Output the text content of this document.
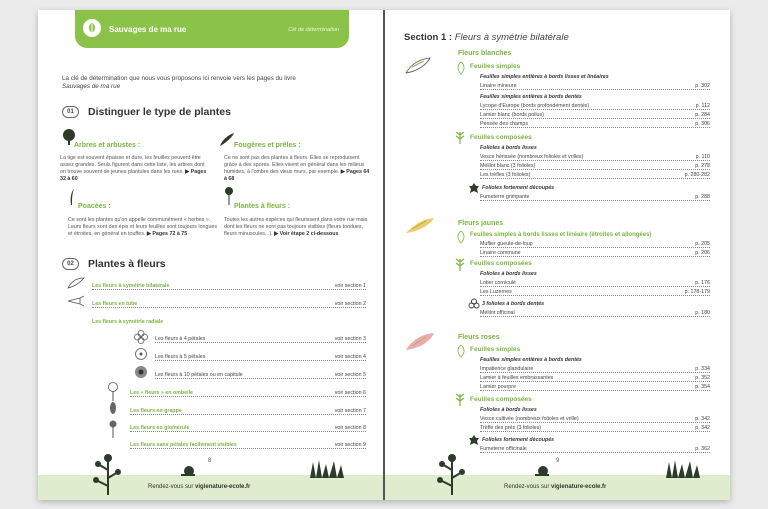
Sauvages de ma rue	Clé de détermination
La clé de détermination que nous vous proposons ici renvoie vers les pages du livre
Sauvages de ma rue
01	Distinguer le type de plantes
Arbres et arbustes :
La tige est souvent épaisse et dure, les feuilles peuvent être assez grandes. Seuls figurent dans cette liste, les arbres dont on trouve souvent de jeunes plantules dans les rues. ▶ Pages 32 à 60
Fougères et prêles :
Ce ne sont pas des plantes à fleurs. Elles se reproduisent grâce à des spores. Elles vivent en général dans les milieux humides, à l'ombre des vieux murs, par exemple. ▶ Pages 64 à 68
Poacées :
Ce sont les plantes qu'on appelle communément « herbes ». Leurs fleurs sont des épis et leurs feuilles sont toujours longues et étroites, en général en touffes. ▶ Pages 72 à 75
Plantes à fleurs :
Toutes les autres espèces qui fleurissent dans votre rue mais dont les fleurs ne sont pas toujours visibles (fleurs tondues, fleurs minuscules...). ▶ Voir étape 2 ci-dessous
02	Plantes à fleurs
Les fleurs à symétrie bilatérale	voir section 1
Les fleurs en tube	voir section 2
Les fleurs à symétrie radiale
Les fleurs à 4 pétales	voir section 3
Les fleurs à 5 pétales	voir section 4
Les fleurs à 10 pétales ou en capitule	voir section 5
Les « fleurs » en ombelle	voir section 6
Les fleurs en grappe	voir section 7
Les fleurs en glomérule	voir section 8
Les fleurs sans pétales facilement visibles	voir section 9
8
Rendez-vous sur vigienature-ecole.fr
Section 1 : Fleurs à symétrie bilatérale
Fleurs blanches
Feuilles simples
Feuilles simples entières à bords lisses et linéaires
Linaire mineure	p. 302
Feuilles simples entières à bords dentés
Lycope d'Europe (bords profondément dentés)	p. 112
Lamier blanc (bords poilus)	p. 284
Pensée des champs	p. 306
Feuilles composées
Folioles à bords lisses
Vesce hérissée (nombreux folioles et vrilles)	p. 110
Mélilot blanc (3 folioles)	p. 278
Les trèfles (3 folioles)	p. 280-282
Folioles fortement découpés
Fumeterre grimpante	p. 288
Fleurs jaunes
Feuilles simples à bords lisses et linéaire (étroites et allongées)
Muflier gueule-de-loup	p. 205
Linaire commune	p. 206
Feuilles composées
Folioles à bords lisses
Lotier corniculé	p. 176
Les Luzernes	p. 178-179
3 folioles à bords dentés
Mélilot officinal	p. 180
Fleurs roses
Feuilles simples
Feuilles simples entières à bords dentés
Impatience glandulaire	p. 334
Lamier à feuilles embrassantes	p. 352
Lamier pourpre	p. 354
Feuilles composées
Folioles à bords lisses
Vesce cultivée (nombreux folioles et vrille)	p. 342
Trèfle des prés (3 folioles)	p. 342
Folioles fortement découpés
Fumeterre officinale	p. 362
9
Rendez-vous sur vigienature-ecole.fr
